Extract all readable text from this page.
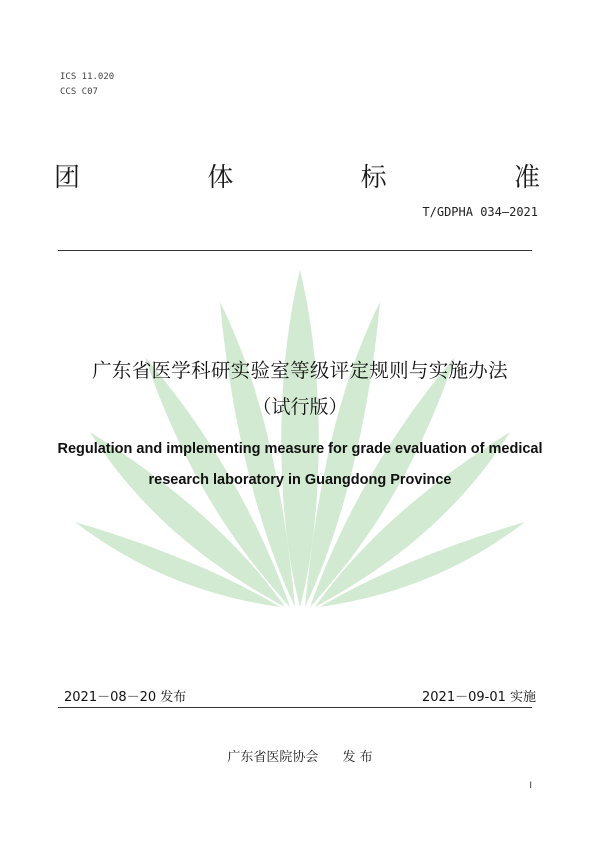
ICS 11.020
CCS C07
团	体	标	准
T/GDPHA 034—2021
广东省医学科研实验室等级评定规则与实施办法
（试行版）
Regulation and implementing measure for grade evaluation of medical
research laboratory in Guangdong Province
2021－08－20 发布	2021－09-01 实施
广东省医院协会 发 布
I
